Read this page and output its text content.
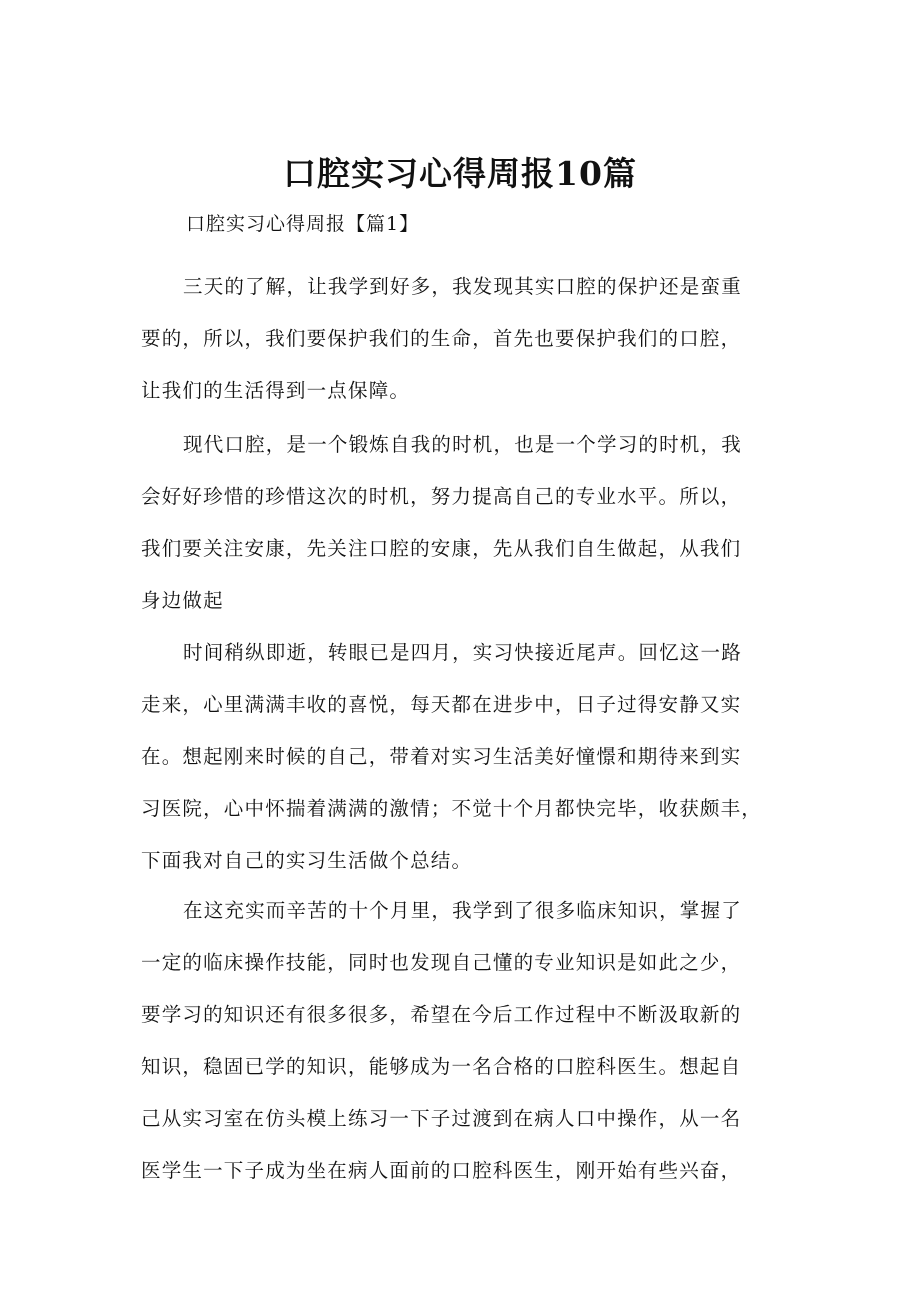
口腔实习心得周报10篇

口腔实习心得周报【篇1】

三天的了解，让我学到好多，我发现其实口腔的保护还是蛮重
要的，所以，我们要保护我们的生命，首先也要保护我们的口腔，
让我们的生活得到一点保障。
现代口腔，是一个锻炼自我的时机，也是一个学习的时机，我
会好好珍惜的珍惜这次的时机，努力提高自己的专业水平。所以，
我们要关注安康，先关注口腔的安康，先从我们自生做起，从我们
身边做起
时间稍纵即逝，转眼已是四月，实习快接近尾声。回忆这一路
走来，心里满满丰收的喜悦，每天都在进步中，日子过得安静又实
在。想起刚来时候的自己，带着对实习生活美好憧憬和期待来到实
习医院，心中怀揣着满满的激情；不觉十个月都快完毕，收获颇丰，
下面我对自己的实习生活做个总结。
在这充实而辛苦的十个月里，我学到了很多临床知识，掌握了
一定的临床操作技能，同时也发现自己懂的专业知识是如此之少，
要学习的知识还有很多很多，希望在今后工作过程中不断汲取新的
知识，稳固已学的知识，能够成为一名合格的口腔科医生。想起自
己从实习室在仿头模上练习一下子过渡到在病人口中操作，从一名
医学生一下子成为坐在病人面前的口腔科医生，刚开始有些兴奋，
